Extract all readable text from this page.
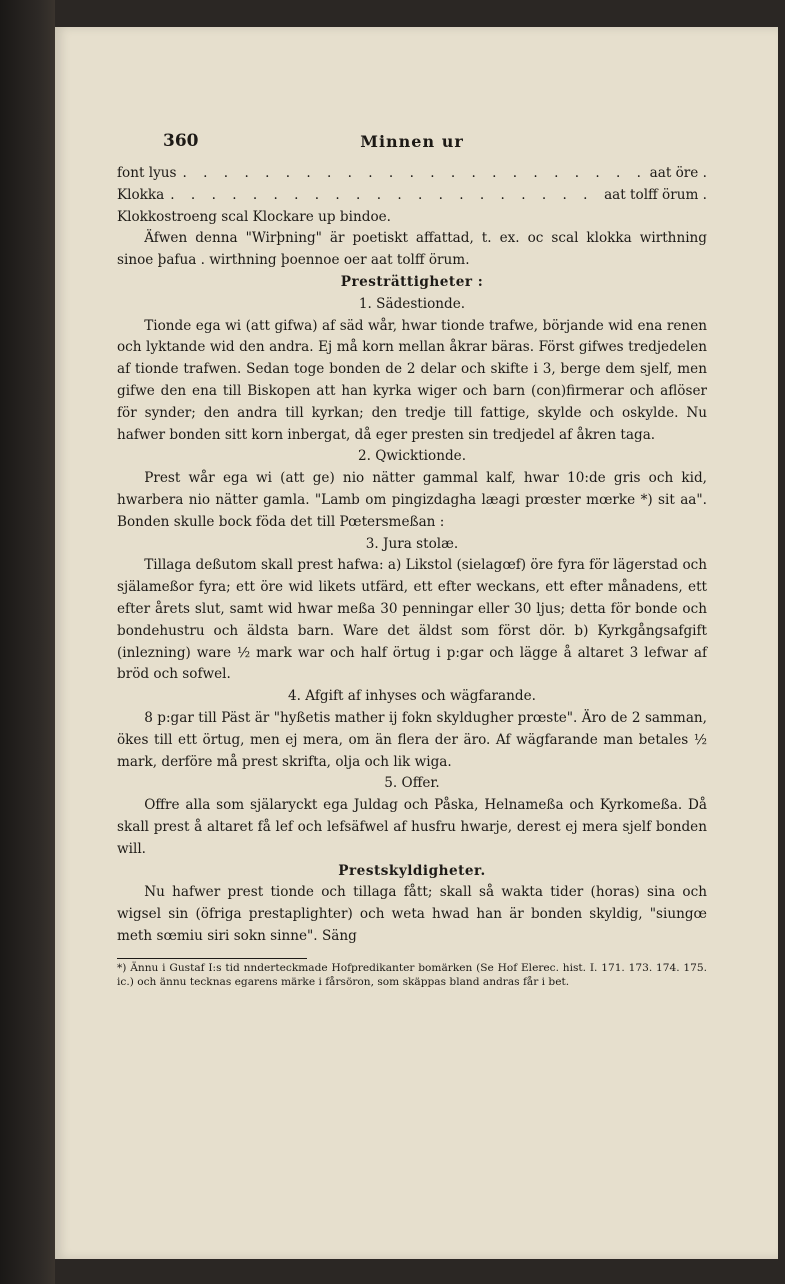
360	Minnen ur
font lyus . . .	aat öre .
Klokka . . .	aat tolff örum .

Klokkostroeng scal Klockare up bindoe.

Äfwen denna "Wirþning" är poetiskt affattad, t. ex. oc scal klokka wirthning sinoe þafua . wirthning þoennoe oer aat tolff örum.

Presträttigheter :

1. Sädestionde.

Tionde ega wi (att gifwa) af säd wår, hwar tionde trafwe, börjande wid ena renen och lyktande wid den andra. Ej må korn mellan åkrar bäras. Först gifwes tredjedelen af tionde trafwen. Sedan toge bonden de 2 delar och skifte i 3, berge dem sjelf, men gifwe den ena till Biskopen att han kyrka wiger och barn (con)firmerar och aflöser för synder; den andra till kyrkan; den tredje till fattige, skylde och oskylde. Nu hafwer bonden sitt korn inbergat, då eger presten sin tredjedel af åkren taga.

2. Qwicktionde.

Prest wår ega wi (att ge) nio nätter gammal kalf, hwar 10:de gris och kid, hwarbera nio nätter gamla. "Lamb om pingizdagha læagi prœster mœrke *) sit aa". Bonden skulle bock föda det till Pœtersmeßan :

3. Jura stolæ.

Tillaga deßutom skall prest hafwa: a) Likstol (sielagœf) öre fyra för lägerstad och själameßor fyra; ett öre wid likets utfärd, ett efter weckans, ett efter månadens, ett efter årets slut, samt wid hwar meßa 30 penningar eller 30 ljus; detta för bonde och bondehustru och äldsta barn. Ware det äldst som först dör. b) Kyrkgångsafgift (inlezning) ware ½ mark war och half örtug i p:gar och lägge å altaret 3 lefwar af bröd och sofwel.

4. Afgift af inhyses och wägfarande.

8 p:gar till Päst är "hyßetis mather ij fokn skyldugher prœste". Äro de 2 samman, ökes till ett örtug, men ej mera, om än flera der äro. Af wägfarande man betales ½ mark, derföre må prest skrifta, olja och lik wiga.

5. Offer.

Offre alla som själaryckt ega Juldag och Påska, Helnameßa och Kyrkomeßa. Då skall prest å altaret få lef och lefsäfwel af husfru hwarje, derest ej mera sjelf bonden will.

Prestskyldigheter.

Nu hafwer prest tionde och tillaga fått; skall så wakta tider (horas) sina och wigsel sin (öfriga prestaplighter) och weta hwad han är bonden skyldig, "siungœ meth sœmiu siri sokn sinne". Säng

*) Ännu i Gustaf I:s tid nnderteckmade Hofpredikanter bomärken (Se Hof Elerec. hist. I. 171. 173. 174. 175. ic.) och ännu tecknas egarens märke i fårsöron, som skäppas bland andras får i bet.
